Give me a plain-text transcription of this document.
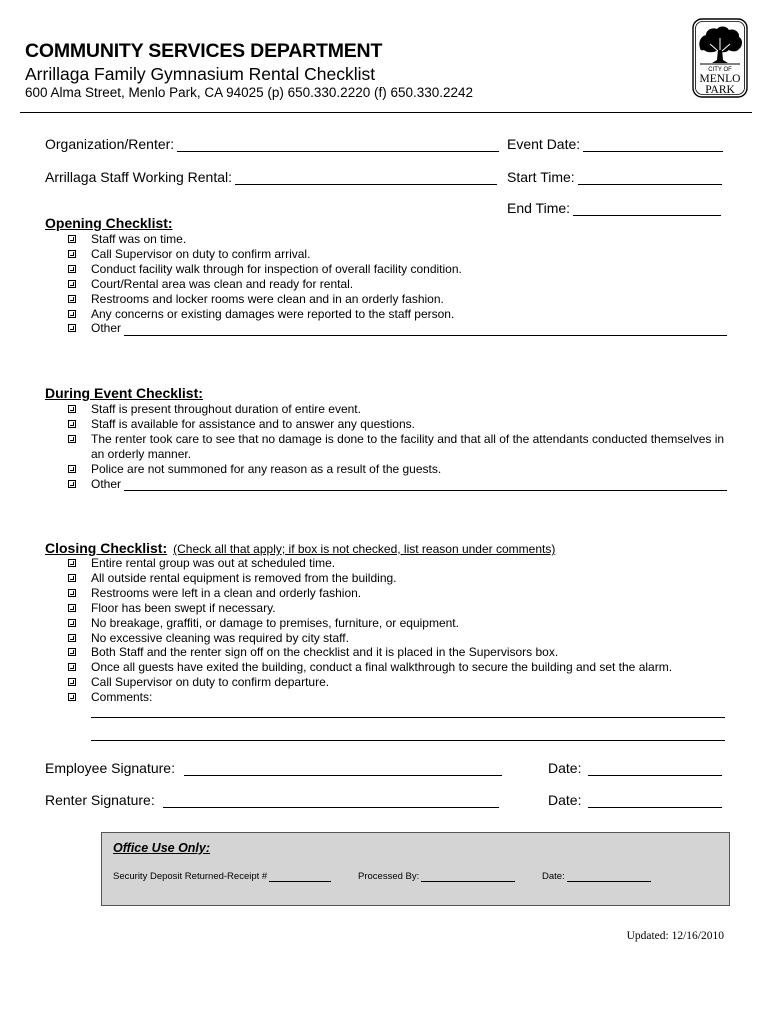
COMMUNITY SERVICES DEPARTMENT
Arrillaga Family Gymnasium Rental Checklist
600 Alma Street, Menlo Park, CA 94025 (p) 650.330.2220 (f) 650.330.2242
CITY OF
MENLO
PARK
Organization/Renter:	Event Date:
Arrillaga Staff Working Rental:	Start Time:
End Time:
Opening Checklist:
Staff was on time.
Call Supervisor on duty to confirm arrival.
Conduct facility walk through for inspection of overall facility condition.
Court/Rental area was clean and ready for rental.
Restrooms and locker rooms were clean and in an orderly fashion.
Any concerns or existing damages were reported to the staff person.
Other
During Event Checklist:
Staff is present throughout duration of entire event.
Staff is available for assistance and to answer any questions.
The renter took care to see that no damage is done to the facility and that all of the attendants conducted themselves in an orderly manner.
Police are not summoned for any reason as a result of the guests.
Other
Closing Checklist: (Check all that apply; if box is not checked, list reason under comments)
Entire rental group was out at scheduled time.
All outside rental equipment is removed from the building.
Restrooms were left in a clean and orderly fashion.
Floor has been swept if necessary.
No breakage, graffiti, or damage to premises, furniture, or equipment.
No excessive cleaning was required by city staff.
Both Staff and the renter sign off on the checklist and it is placed in the Supervisors box.
Once all guests have exited the building, conduct a final walkthrough to secure the building and set the alarm.
Call Supervisor on duty to confirm departure.
Comments:
Employee Signature:	Date:
Renter Signature:	Date:
Office Use Only:
Security Deposit Returned-Receipt #	Processed By:	Date:
Updated: 12/16/2010
